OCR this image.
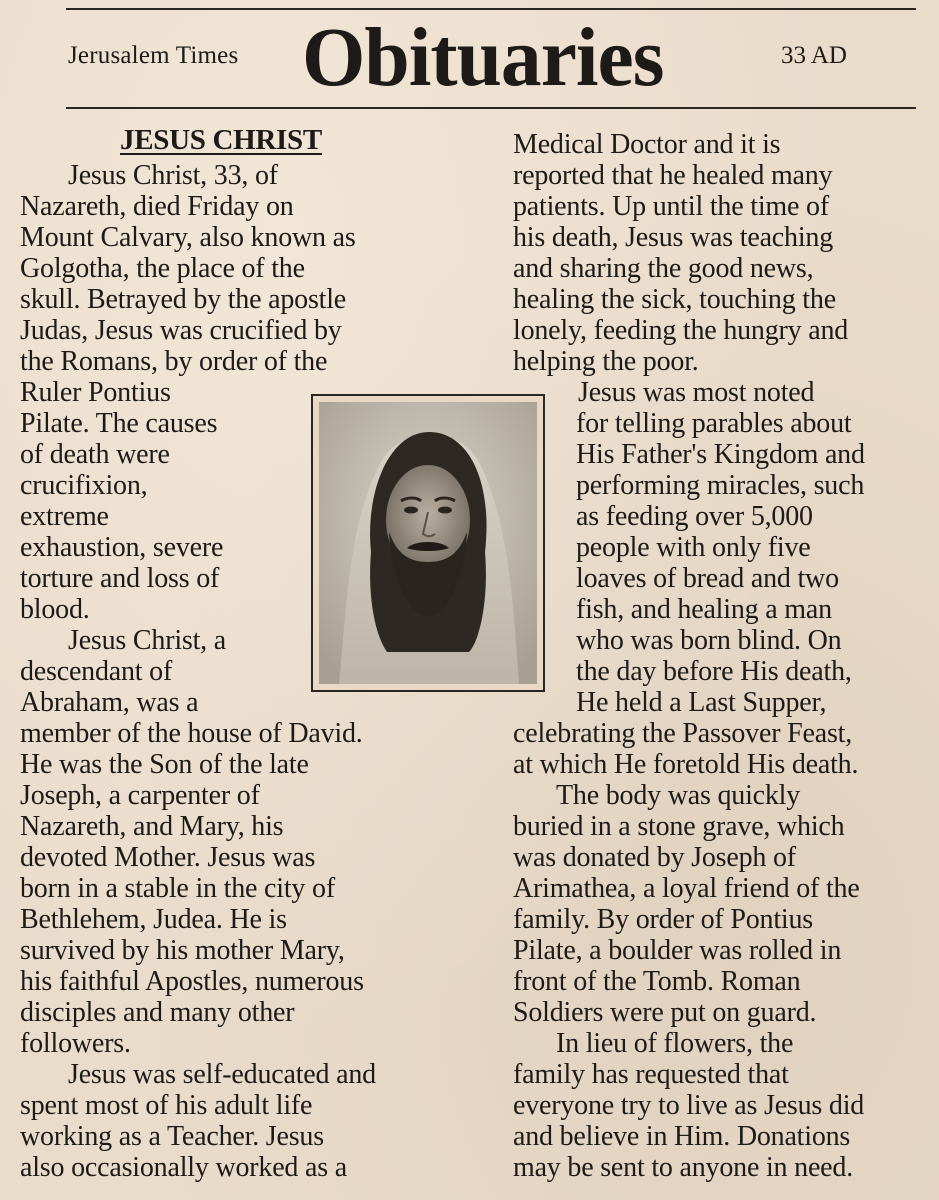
Jerusalem Times Obituaries	33 AD
JESUS CHRIST
Jesus Christ, 33, of
Nazareth, died Friday on
Mount Calvary, also known as
Golgotha, the place of the
skull. Betrayed by the apostle
Judas, Jesus was crucified by
the Romans, by order of the
Ruler Pontius
Pilate. The causes
of death were
crucifixion,
extreme
exhaustion, severe
torture and loss of
blood.
Jesus Christ, a
descendant of
Abraham, was a
member of the house of David.
He was the Son of the late
Joseph, a carpenter of
Nazareth, and Mary, his
devoted Mother. Jesus was
born in a stable in the city of
Bethlehem, Judea. He is
survived by his mother Mary,
his faithful Apostles, numerous
disciples and many other
followers.
Jesus was self-educated and
spent most of his adult life
working as a Teacher. Jesus
also occasionally worked as a
Medical Doctor and it is
reported that he healed many
patients. Up until the time of
his death, Jesus was teaching
and sharing the good news,
healing the sick, touching the
lonely, feeding the hungry and
helping the poor.
Jesus was most noted
for telling parables about
His Father's Kingdom and
performing miracles, such
as feeding over 5,000
people with only five
loaves of bread and two
fish, and healing a man
who was born blind. On
the day before His death,
He held a Last Supper,
celebrating the Passover Feast,
at which He foretold His death.
The body was quickly
buried in a stone grave, which
was donated by Joseph of
Arimathea, a loyal friend of the
family. By order of Pontius
Pilate, a boulder was rolled in
front of the Tomb. Roman
Soldiers were put on guard.
In lieu of flowers, the
family has requested that
everyone try to live as Jesus did
and believe in Him. Donations
may be sent to anyone in need.
